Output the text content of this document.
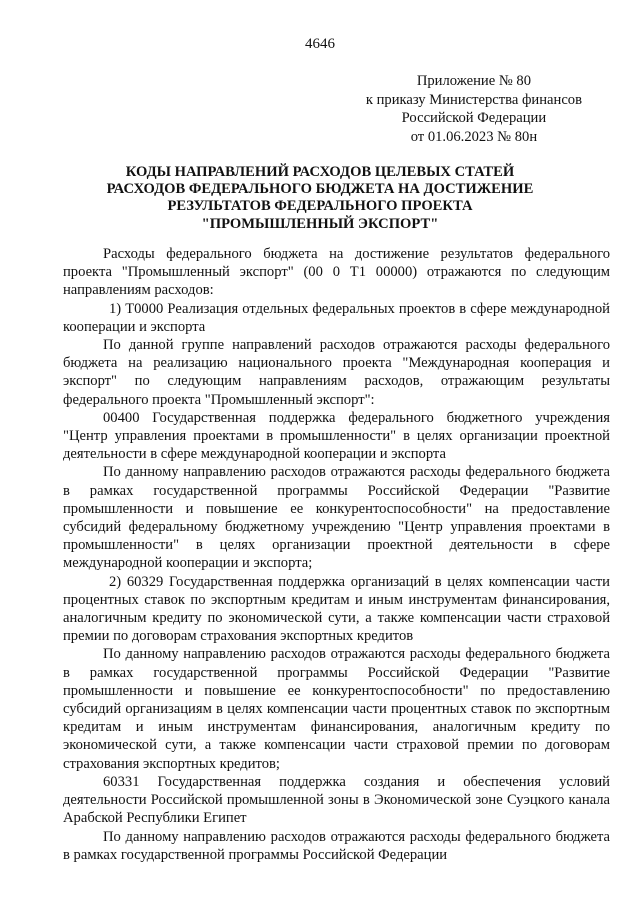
4646
Приложение № 80
к приказу Министерства финансов
Российской Федерации
от 01.06.2023 № 80н
КОДЫ НАПРАВЛЕНИЙ РАСХОДОВ ЦЕЛЕВЫХ СТАТЕЙ
РАСХОДОВ ФЕДЕРАЛЬНОГО БЮДЖЕТА НА ДОСТИЖЕНИЕ
РЕЗУЛЬТАТОВ ФЕДЕРАЛЬНОГО ПРОЕКТА
"ПРОМЫШЛЕННЫЙ ЭКСПОРТ"

Расходы федерального бюджета на достижение результатов федерального проекта "Промышленный экспорт" (00 0 Т1 00000) отражаются по следующим направлениям расходов:

1) Т0000 Реализация отдельных федеральных проектов в сфере международной кооперации и экспорта

По данной группе направлений расходов отражаются расходы федерального бюджета на реализацию национального проекта "Международная кооперация и экспорт" по следующим направлениям расходов, отражающим результаты федерального проекта "Промышленный экспорт":

00400 Государственная поддержка федерального бюджетного учреждения "Центр управления проектами в промышленности" в целях организации проектной деятельности в сфере международной кооперации и экспорта

По данному направлению расходов отражаются расходы федерального бюджета в рамках государственной программы Российской Федерации "Развитие промышленности и повышение ее конкурентоспособности" на предоставление субсидий федеральному бюджетному учреждению "Центр управления проектами в промышленности" в целях организации проектной деятельности в сфере международной кооперации и экспорта;

2) 60329 Государственная поддержка организаций в целях компенсации части процентных ставок по экспортным кредитам и иным инструментам финансирования, аналогичным кредиту по экономической сути, а также компенсации части страховой премии по договорам страхования экспортных кредитов

По данному направлению расходов отражаются расходы федерального бюджета в рамках государственной программы Российской Федерации "Развитие промышленности и повышение ее конкурентоспособности" по предоставлению субсидий организациям в целях компенсации части процентных ставок по экспортным кредитам и иным инструментам финансирования, аналогичным кредиту по экономической сути, а также компенсации части страховой премии по договорам страхования экспортных кредитов;

60331 Государственная поддержка создания и обеспечения условий деятельности Российской промышленной зоны в Экономической зоне Суэцкого канала Арабской Республики Египет

По данному направлению расходов отражаются расходы федерального бюджета в рамках государственной программы Российской Федерации
